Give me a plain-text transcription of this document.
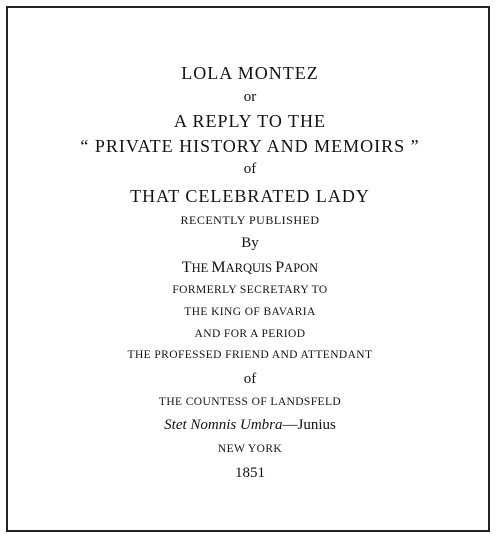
LOLA MONTEZ
or
A REPLY TO THE
“ PRIVATE HISTORY AND MEMOIRS ”
of
THAT CELEBRATED LADY
RECENTLY PUBLISHED
By
THE MARQUIS PAPON
FORMERLY SECRETARY TO
THE KING OF BAVARIA
AND FOR A PERIOD
THE PROFESSED FRIEND AND ATTENDANT
of
THE COUNTESS OF LANDSFELD
Stet Nomnis Umbra—Junius
NEW YORK
1851
